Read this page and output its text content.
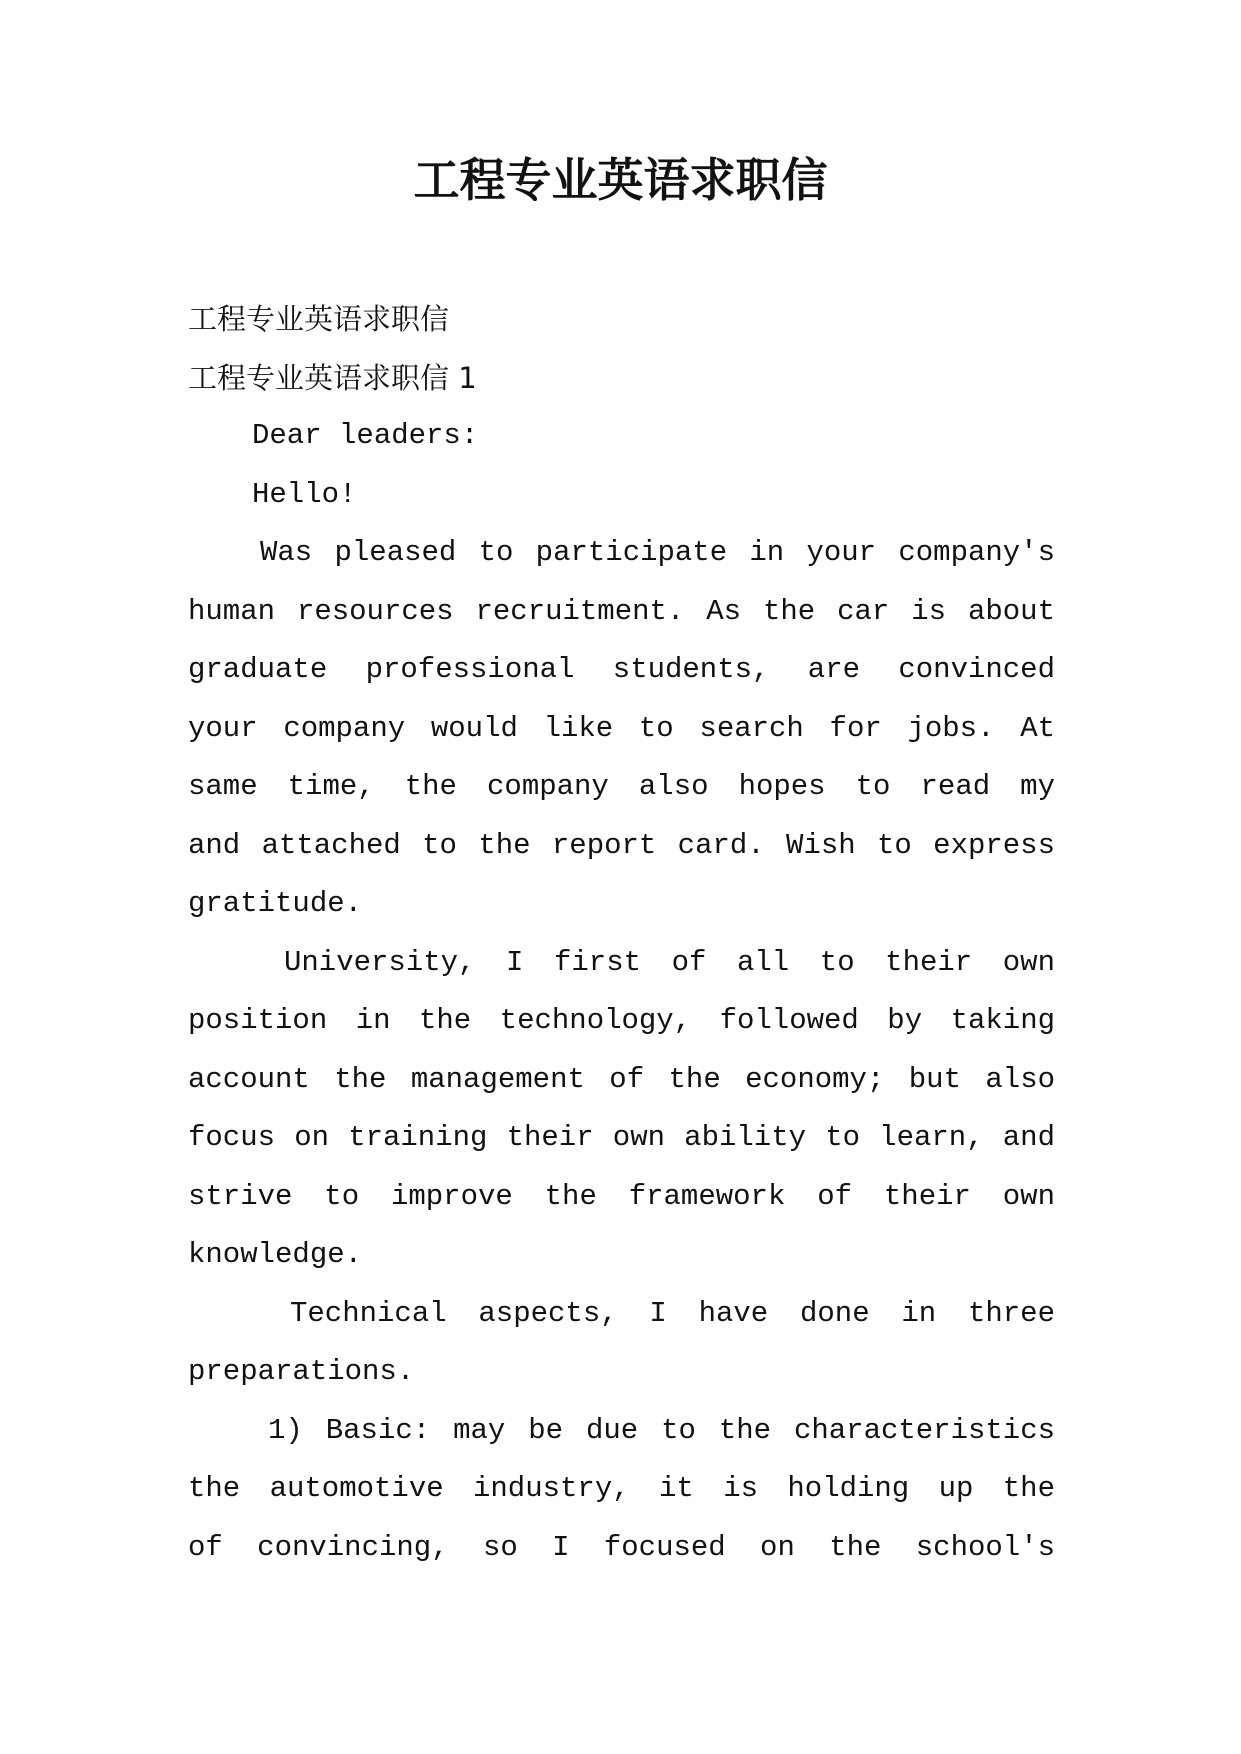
工程专业英语求职信

工程专业英语求职信

工程专业英语求职信 1

Dear leaders:

Hello!

Was pleased to participate in your company's
human resources recruitment. As the car is about
graduate professional students, are convinced
your company would like to search for jobs. At
same time, the company also hopes to read my
and attached to the report card. Wish to express
gratitude.
University, I first of all to their own
position in the technology, followed by taking
account the management of the economy; but also
focus on training their own ability to learn, and
strive to improve the framework of their own
knowledge.
Technical aspects, I have done in three
preparations.
1) Basic: may be due to the characteristics
the automotive industry, it is holding up the
of convincing, so I focused on the school's
